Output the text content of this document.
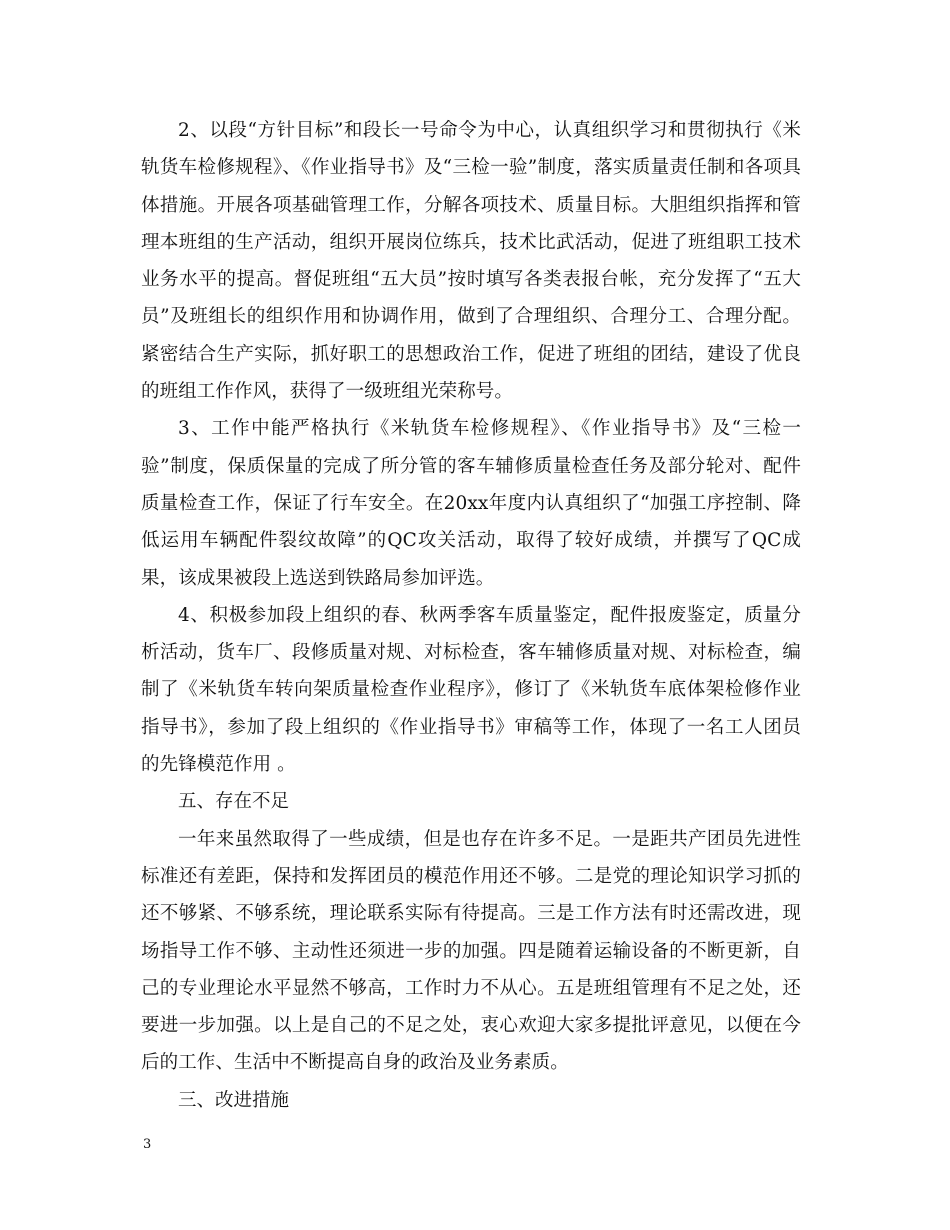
2、以段“方针目标”和段长一号命令为中心，认真组织学习和贯彻执行《米轨货车检修规程》、《作业指导书》及“三检一验”制度，落实质量责任制和各项具体措施。开展各项基础管理工作，分解各项技术、质量目标。大胆组织指挥和管理本班组的生产活动，组织开展岗位练兵，技术比武活动，促进了班组职工技术业务水平的提高。督促班组“五大员”按时填写各类表报台帐，充分发挥了“五大员”及班组长的组织作用和协调作用，做到了合理组织、合理分工、合理分配。紧密结合生产实际，抓好职工的思想政治工作，促进了班组的团结，建设了优良的班组工作作风，获得了一级班组光荣称号。

3、工作中能严格执行《米轨货车检修规程》、《作业指导书》及“三检一验”制度，保质保量的完成了所分管的客车辅修质量检查任务及部分轮对、配件质量检查工作，保证了行车安全。在20xx年度内认真组织了“加强工序控制、降低运用车辆配件裂纹故障”的QC攻关活动，取得了较好成绩，并撰写了QC成果，该成果被段上选送到铁路局参加评选。

4、积极参加段上组织的春、秋两季客车质量鉴定，配件报废鉴定，质量分析活动，货车厂、段修质量对规、对标检查，客车辅修质量对规、对标检查，编制了《米轨货车转向架质量检查作业程序》，修订了《米轨货车底体架检修作业指导书》，参加了段上组织的《作业指导书》审稿等工作，体现了一名工人团员的先锋模范作用 。

五、存在不足

一年来虽然取得了一些成绩，但是也存在许多不足。一是距共产团员先进性标准还有差距，保持和发挥团员的模范作用还不够。二是党的理论知识学习抓的还不够紧、不够系统，理论联系实际有待提高。三是工作方法有时还需改进，现场指导工作不够、主动性还须进一步的加强。四是随着运输设备的不断更新，自己的专业理论水平显然不够高，工作时力不从心。五是班组管理有不足之处，还要进一步加强。以上是自己的不足之处，衷心欢迎大家多提批评意见，以便在今后的工作、生活中不断提高自身的政治及业务素质。

三、改进措施

3
